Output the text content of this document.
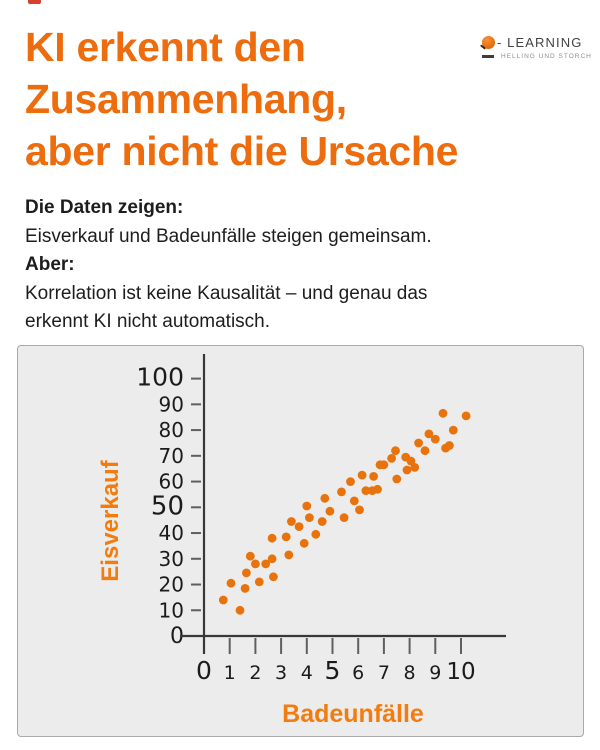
- LEARNING
HELLING UND STORCH
KI erkennt den
Zusammenhang,
aber nicht die Ursache

Die Daten zeigen:

Eisverkauf und Badeunfälle steigen gemeinsam.

Aber:

Korrelation ist keine Kausalität – und genau das erkennt KI nicht automatisch.

0
10
20
30
40
50
60
70
80
90
100
0 1 2 3 4 5 6 7 8 9 10
Eisverkauf
Badeunfälle
